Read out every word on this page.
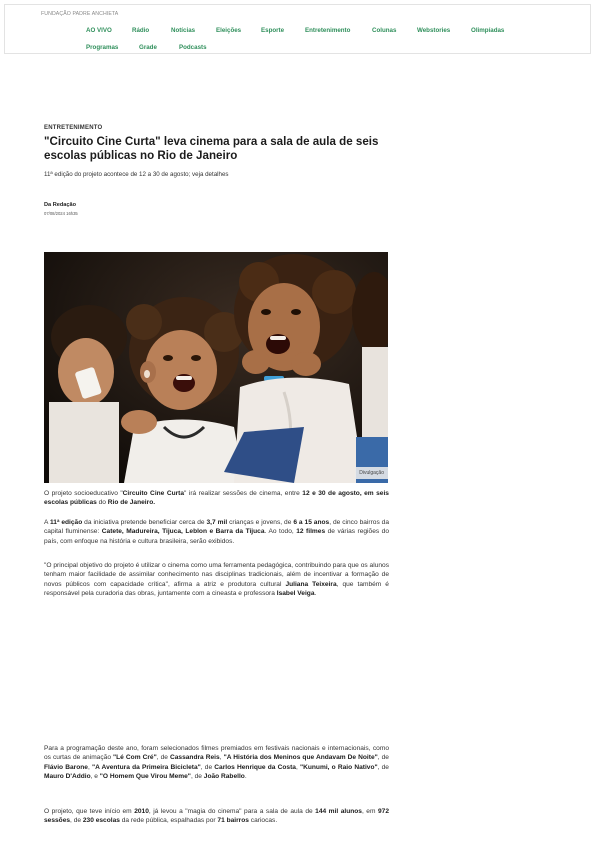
FUNDAÇÃO PADRE ANCHIETA
AO VIVO	Rádio	Notícias	Eleições	Esporte	Entretenimento	Colunas	Webstories	Olimpíadas
Programas	Grade	Podcasts
ENTRETENIMENTO
"Circuito Cine Curta" leva cinema para a sala de aula de seis escolas públicas no Rio de Janeiro
11ª edição do projeto acontece de 12 a 30 de agosto; veja detalhes
Da Redação
07/08/2024 16h35
Divulgação

O projeto socioeducativo "Circuito Cine Curta" irá realizar sessões de cinema, entre 12 e 30 de agosto, em seis escolas públicas do Rio de Janeiro.

A 11ª edição da iniciativa pretende beneficiar cerca de 3,7 mil crianças e jovens, de 6 a 15 anos, de cinco bairros da capital fluminense: Catete, Madureira, Tijuca, Leblon e Barra da Tijuca. Ao todo, 12 filmes de várias regiões do país, com enfoque na história e cultura brasileira, serão exibidos.

"O principal objetivo do projeto é utilizar o cinema como uma ferramenta pedagógica, contribuindo para que os alunos tenham maior facilidade de assimilar conhecimento nas disciplinas tradicionais, além de incentivar a formação de novos públicos com capacidade crítica", afirma a atriz e produtora cultural Juliana Teixeira, que também é responsável pela curadoria das obras, juntamente com a cineasta e professora Isabel Veiga.

Para a programação deste ano, foram selecionados filmes premiados em festivais nacionais e internacionais, como os curtas de animação "Lé Com Cré", de Cassandra Reis, "A História dos Meninos que Andavam De Noite", de Flávio Barone, "A Aventura da Primeira Bicicleta", de Carlos Henrique da Costa, "Kunumi, o Raio Nativo", de Mauro D'Addio, e "O Homem Que Virou Meme", de João Rabello.

O projeto, que teve início em 2010, já levou a "magia do cinema" para a sala de aula de 144 mil alunos, em 972 sessões, de 230 escolas da rede pública, espalhadas por 71 bairros cariocas.
